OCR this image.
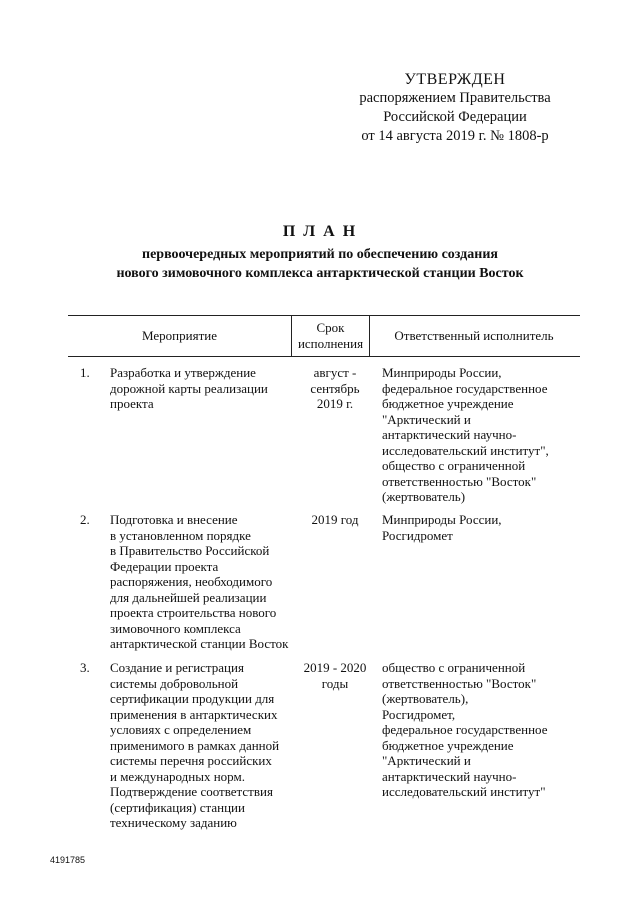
УТВЕРЖДЕН
распоряжением Правительства
Российской Федерации
от 14 августа 2019 г. № 1808-р
П Л А Н
первоочередных мероприятий по обеспечению создания
нового зимовочного комплекса антарктической станции Восток
Мероприятие
Срок
исполнения
Ответственный исполнитель
1. Разработка и утверждение
дорожной карты реализации
проекта
август -
сентябрь
2019 г.
Минприроды России,
федеральное государственное
бюджетное учреждение
"Арктический и
антарктический научно-
исследовательский институт",
общество с ограниченной
ответственностью "Восток"
(жертвователь)
2. Подготовка и внесение
в установленном порядке
в Правительство Российской
Федерации проекта
распоряжения, необходимого
для дальнейшей реализации
проекта строительства нового
зимовочного комплекса
антарктической станции Восток
2019 год	Минприроды России,
Росгидромет
3. Создание и регистрация
системы добровольной
сертификации продукции для
применения в антарктических
условиях с определением
применимого в рамках данной
системы перечня российских
и международных норм.
Подтверждение соответствия
(сертификация) станции
техническому заданию
2019 - 2020
годы
общество с ограниченной
ответственностью "Восток"
(жертвователь),
Росгидромет,
федеральное государственное
бюджетное учреждение
"Арктический и
антарктический научно-
исследовательский институт"
4191785
